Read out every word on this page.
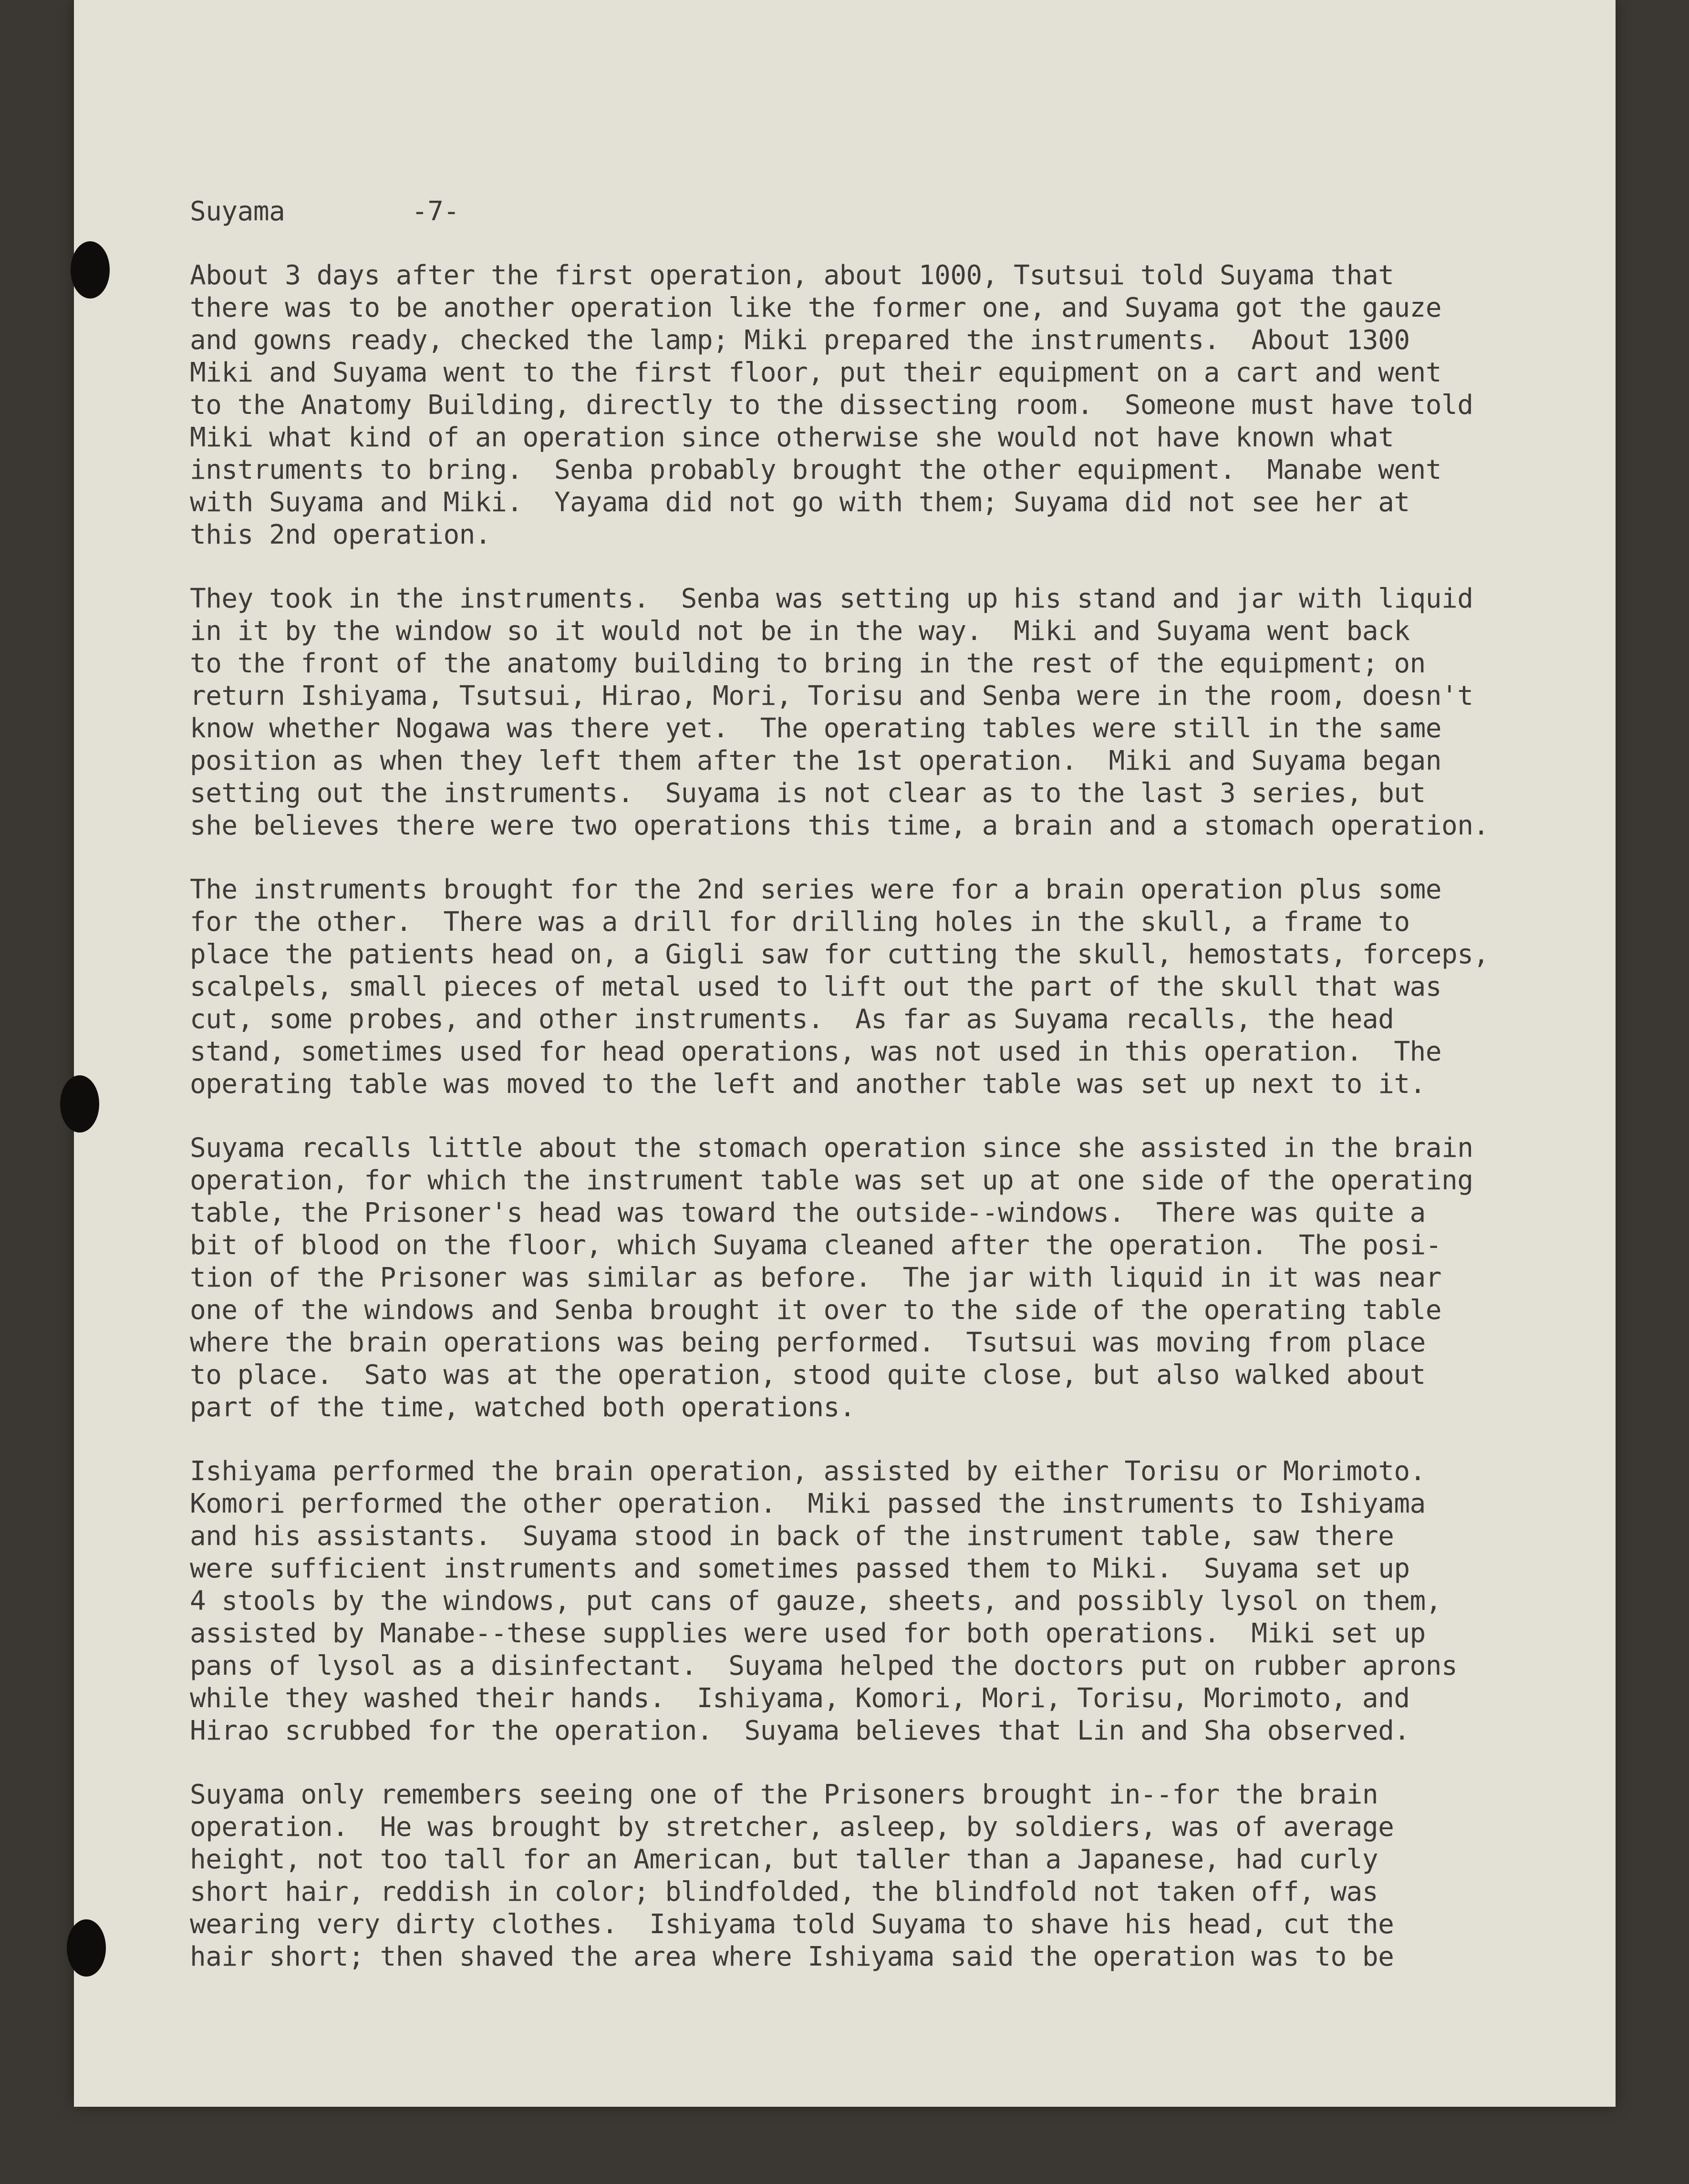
Suyama	-7-
About 3 days after the first operation, about 1000, Tsutsui told Suyama that
there was to be another operation like the former one, and Suyama got the gauze
and gowns ready, checked the lamp; Miki prepared the instruments.  About 1300
Miki and Suyama went to the first floor, put their equipment on a cart and went
to the Anatomy Building, directly to the dissecting room.  Someone must have told
Miki what kind of an operation since otherwise she would not have known what
instruments to bring.  Senba probably brought the other equipment.  Manabe went
with Suyama and Miki.  Yayama did not go with them; Suyama did not see her at
this 2nd operation.
They took in the instruments.  Senba was setting up his stand and jar with liquid
in it by the window so it would not be in the way.  Miki and Suyama went back
to the front of the anatomy building to bring in the rest of the equipment; on
return Ishiyama, Tsutsui, Hirao, Mori, Torisu and Senba were in the room, doesn't
know whether Nogawa was there yet.  The operating tables were still in the same
position as when they left them after the 1st operation.  Miki and Suyama began
setting out the instruments.  Suyama is not clear as to the last 3 series, but
she believes there were two operations this time, a brain and a stomach operation.
The instruments brought for the 2nd series were for a brain operation plus some
for the other.  There was a drill for drilling holes in the skull, a frame to
place the patients head on, a Gigli saw for cutting the skull, hemostats, forceps,
scalpels, small pieces of metal used to lift out the part of the skull that was
cut, some probes, and other instruments.  As far as Suyama recalls, the head
stand, sometimes used for head operations, was not used in this operation.  The
operating table was moved to the left and another table was set up next to it.
Suyama recalls little about the stomach operation since she assisted in the brain
operation, for which the instrument table was set up at one side of the operating
table, the Prisoner's head was toward the outside--windows.  There was quite a
bit of blood on the floor, which Suyama cleaned after the operation.  The posi-
tion of the Prisoner was similar as before.  The jar with liquid in it was near
one of the windows and Senba brought it over to the side of the operating table
where the brain operations was being performed.  Tsutsui was moving from place
to place.  Sato was at the operation, stood quite close, but also walked about
part of the time, watched both operations.
Ishiyama performed the brain operation, assisted by either Torisu or Morimoto.
Komori performed the other operation.  Miki passed the instruments to Ishiyama
and his assistants.  Suyama stood in back of the instrument table, saw there
were sufficient instruments and sometimes passed them to Miki.  Suyama set up
4 stools by the windows, put cans of gauze, sheets, and possibly lysol on them,
assisted by Manabe--these supplies were used for both operations.  Miki set up
pans of lysol as a disinfectant.  Suyama helped the doctors put on rubber aprons
while they washed their hands.  Ishiyama, Komori, Mori, Torisu, Morimoto, and
Hirao scrubbed for the operation.  Suyama believes that Lin and Sha observed.
Suyama only remembers seeing one of the Prisoners brought in--for the brain
operation.  He was brought by stretcher, asleep, by soldiers, was of average
height, not too tall for an American, but taller than a Japanese, had curly
short hair, reddish in color; blindfolded, the blindfold not taken off, was
wearing very dirty clothes.  Ishiyama told Suyama to shave his head, cut the
hair short; then shaved the area where Ishiyama said the operation was to be
